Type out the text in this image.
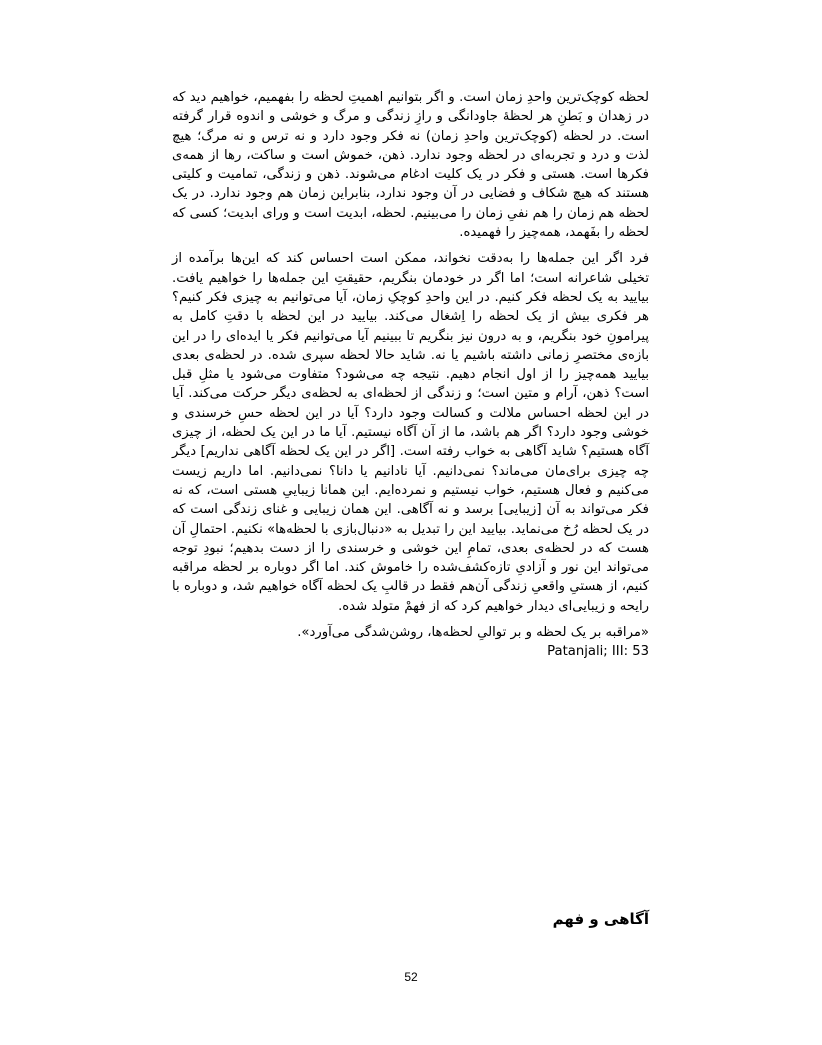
لحظه کوچک‌ترین واحدِ زمان است. و اگر بتوانیم اهمیتِ لحظه را بفهمیم، خواهیم دید که در زهدان و بَطنِ هر لحظهٔ جاودانگی و رازِ زندگی و مرگ و خوشی و اندوه قرار گرفته است. در لحظه (کوچک‌ترین واحدِ زمان) نه فکر وجود دارد و نه ترس و نه مرگ؛ هیچ لذت و درد و تجربه‌ای در لحظه وجود ندارد. ذهن، خموش است و ساکت، رها از همه‌ی فکرها است. هستی و فکر در یک کلیت ادغام می‌شوند. ذهن و زندگی، تمامیت و کلیتی هستند که هیچ شکاف و فضایی در آن وجود ندارد، بنابراین زمان هم وجود ندارد. در یک لحظه هم زمان را هم نفیِ زمان را می‌بینیم. لحظه، ابدیت است و ورای ابدیت؛ کسی که لحظه را بفَهمد، همه‌چیز را فهمیده.

فرد اگر این جمله‌ها را به‌دقت نخواند، ممکن است احساس کند که این‌ها برآمده از تخیلی شاعرانه است؛ اما اگر در خودمان بنگریم، حقیقتِ این جمله‌ها را خواهیم یافت. بیایید به یک لحظه فکر کنیم. در این واحدِ کوچکِ زمان، آیا می‌توانیم به چیزی فکر کنیم؟ هر فکری بیش از یک لحظه را اِشغال می‌کند. بیایید در این لحظه با دقتِ کامل به پیرامونِ خود بنگریم، و به درون نیز بنگریم تا ببینیم آیا می‌توانیم فکر یا ایده‌ای را در این بازه‌ی مختصرِ زمانی داشته باشیم یا نه. شاید حالا لحظه سپری شده. در لحظه‌ی بعدی بیایید همه‌چیز را از اول انجام دهیم. نتیجه چه می‌شود؟ متفاوت می‌شود یا مثلِ قبل است؟ ذهن، آرام و متین است؛ و زندگی از لحظه‌ای به لحظه‌ی دیگر حرکت می‌کند. آیا در این لحظه احساس ملالت و کسالت وجود دارد؟ آیا در این لحظه حسِ خرسندی و خوشی وجود دارد؟ اگر هم باشد، ما از آن آگاه نیستیم. آیا ما در این یک لحظه، از چیزی آگاه هستیم؟ شاید آگاهی به خواب رفته است. [اگر در این یک لحظه آگاهی نداریم] دیگر چه چیزی برای‌مان می‌ماند؟ نمی‌دانیم. آیا نادانیم یا دانا؟ نمی‌دانیم. اما داریم زیست می‌کنیم و فعال هستیم، خواب نیستیم و نمرده‌ایم. این همانا زیباییِ هستی است، که نه فکر می‌تواند به آن [زیبایی] برسد و نه آگاهی. این همان زیبایی و غنای زندگی است که در یک لحظه رُخ می‌نماید. بیایید این را تبدیل به «دنبال‌بازی با لحظه‌ها» نکنیم. احتمالِ آن هست که در لحظه‌ی بعدی، تمامِ این خوشی و خرسندی را از دست بدهیم؛ نبودِ توجه می‌تواند این نور و آزادیِ تازه‌کشف‌شده را خاموش کند. اما اگر دوباره بر لحظه مراقبه کنیم، از هستیِ واقعیِ زندگی آن‌هم فقط در قالبِ یک لحظه آگاه خواهیم شد، و دوباره با رایحه و زیبایی‌ای دیدار خواهیم کرد که از فهمْ متولد شده.

«مراقبه بر یک لحظه و بر توالیِ لحظه‌ها، روشن‌شدگی می‌آورد».

Patanjali; III: 53

آگاهی و فهم
52
